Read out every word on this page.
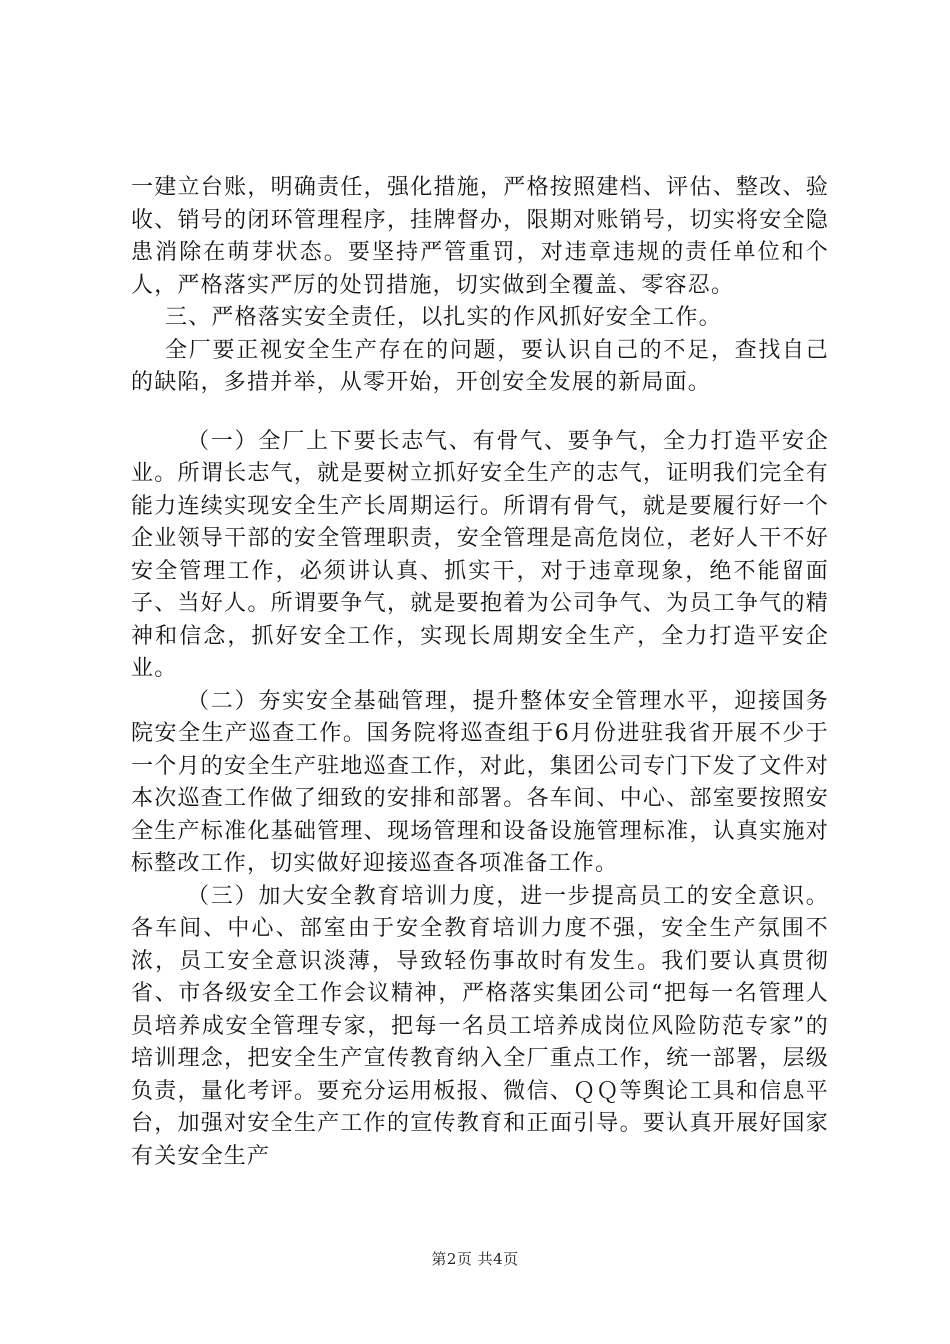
一建立台账，明确责任，强化措施，严格按照建档、评估、整改、验收、销号的闭环管理程序，挂牌督办，限期对账销号，切实将安全隐患消除在萌芽状态。要坚持严管重罚，对违章违规的责任单位和个人，严格落实严厉的处罚措施，切实做到全覆盖、零容忍。

三、严格落实安全责任，以扎实的作风抓好安全工作。

全厂要正视安全生产存在的问题，要认识自己的不足，查找自己的缺陷，多措并举，从零开始，开创安全发展的新局面。

（一）全厂上下要长志气、有骨气、要争气，全力打造平安企业。所谓长志气，就是要树立抓好安全生产的志气，证明我们完全有能力连续实现安全生产长周期运行。所谓有骨气，就是要履行好一个企业领导干部的安全管理职责，安全管理是高危岗位，老好人干不好安全管理工作，必须讲认真、抓实干，对于违章现象，绝不能留面子、当好人。所谓要争气，就是要抱着为公司争气、为员工争气的精神和信念，抓好安全工作，实现长周期安全生产，全力打造平安企业。

（二）夯实安全基础管理，提升整体安全管理水平，迎接国务院安全生产巡查工作。国务院将巡查组于6月份进驻我省开展不少于一个月的安全生产驻地巡查工作，对此，集团公司专门下发了文件对本次巡查工作做了细致的安排和部署。各车间、中心、部室要按照安全生产标准化基础管理、现场管理和设备设施管理标准，认真实施对标整改工作，切实做好迎接巡查各项准备工作。

（三）加大安全教育培训力度，进一步提高员工的安全意识。各车间、中心、部室由于安全教育培训力度不强，安全生产氛围不浓，员工安全意识淡薄，导致轻伤事故时有发生。我们要认真贯彻省、市各级安全工作会议精神，严格落实集团公司“把每一名管理人员培养成安全管理专家，把每一名员工培养成岗位风险防范专家”的培训理念，把安全生产宣传教育纳入全厂重点工作，统一部署，层级负责，量化考评。要充分运用板报、微信、ＱＱ等舆论工具和信息平台，加强对安全生产工作的宣传教育和正面引导。要认真开展好国家有关安全生产

第2页 共4页
